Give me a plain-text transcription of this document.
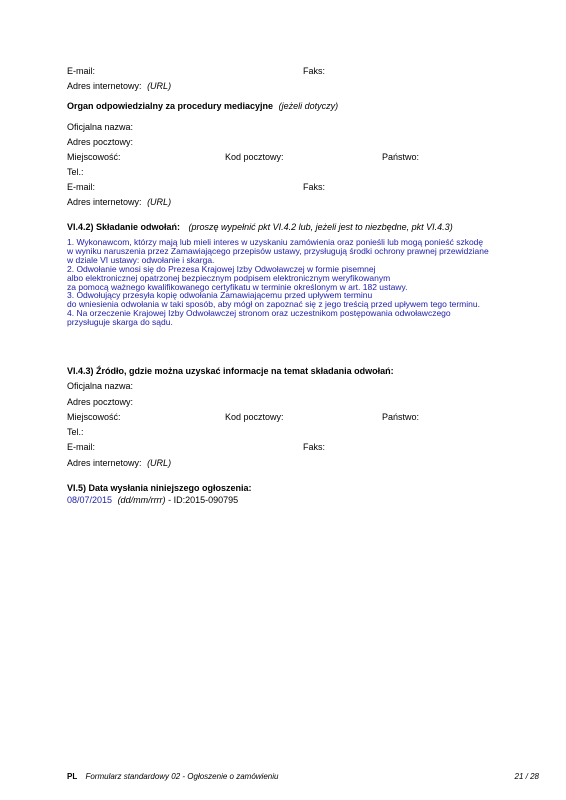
E-mail:	Faks:
Adres internetowy: (URL)
Organ odpowiedzialny za procedury mediacyjne (jeżeli dotyczy)
Oficjalna nazwa:
Adres pocztowy:
Miejscowość:	Kod pocztowy:	Państwo:
Tel.:
E-mail:	Faks:
Adres internetowy: (URL)
VI.4.2) Składanie odwołań: (proszę wypełnić pkt VI.4.2 lub, jeżeli jest to niezbędne, pkt VI.4.3)
1. Wykonawcom, którzy mają lub mieli interes w uzyskaniu zamówienia oraz ponieśli lub mogą ponieść szkodę
w wyniku naruszenia przez Zamawiającego przepisów ustawy, przysługują środki ochrony prawnej przewidziane
w dziale VI ustawy: odwołanie i skarga.
2. Odwołanie wnosi się do Prezesa Krajowej Izby Odwoławczej w formie pisemnej
albo elektronicznej opatrzonej bezpiecznym podpisem elektronicznym weryfikowanym
za pomocą ważnego kwalifikowanego certyfikatu w terminie określonym w art. 182 ustawy.
3. Odwołujący przesyła kopię odwołania Zamawiającemu przed upływem terminu
do wniesienia odwołania w taki sposób, aby mógł on zapoznać się z jego treścią przed upływem tego terminu.
4. Na orzeczenie Krajowej Izby Odwoławczej stronom oraz uczestnikom postępowania odwoławczego
przysługuje skarga do sądu.
VI.4.3) Źródło, gdzie można uzyskać informacje na temat składania odwołań:
Oficjalna nazwa:
Adres pocztowy:
Miejscowość:	Kod pocztowy:	Państwo:
Tel.:
E-mail:	Faks:
Adres internetowy: (URL)
VI.5) Data wysłania niniejszego ogłoszenia:
08/07/2015 (dd/mm/rrrr) - ID:2015-090795
PL Formularz standardowy 02 - Ogłoszenie o zamówieniu	21 / 28
